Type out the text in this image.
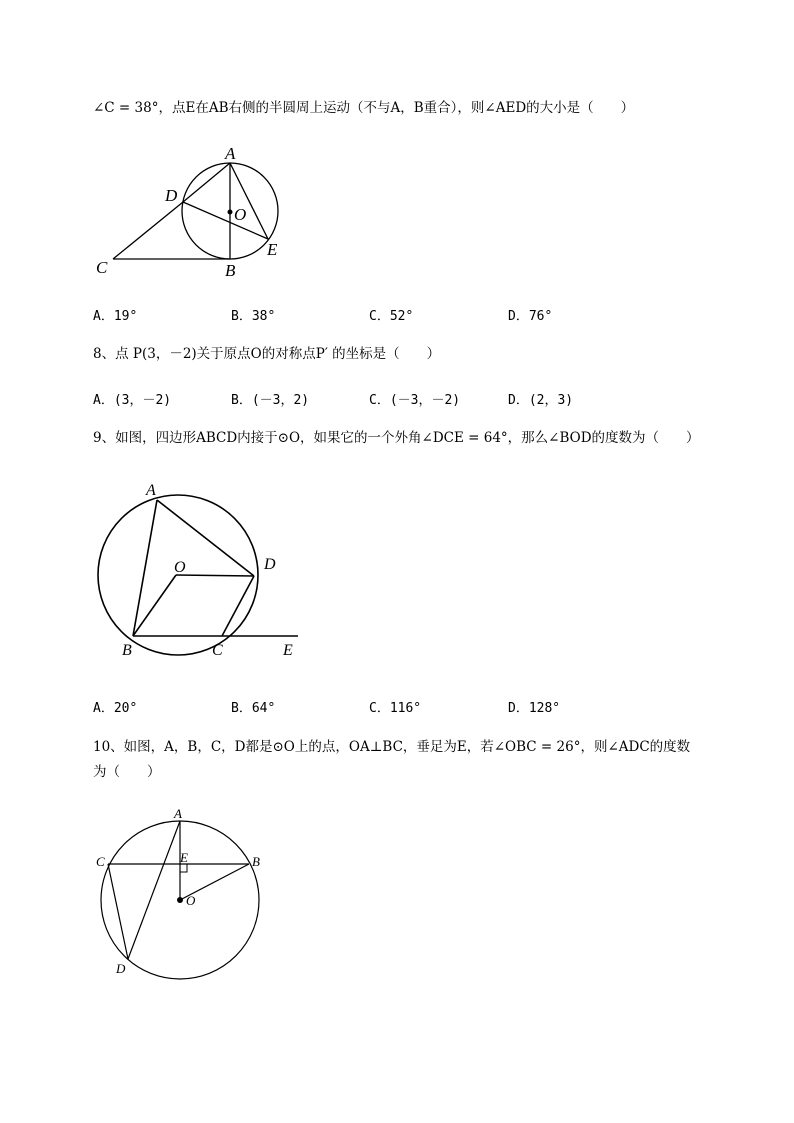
∠C = 38°，点E在AB右侧的半圆周上运动（不与A，B重合），则∠AED的大小是（　　）
A
D
O
E
C	B
A．19°	B．38°	C．52°	D．76°
8、点 P(3，－2)关于原点O的对称点P′ 的坐标是（　　）
A．(3，－2)	B．(－3，2)	C．(－3，－2)	D．(2，3)
9、如图，四边形ABCD内接于⊙O，如果它的一个外角∠DCE = 64°，那么∠BOD的度数为（　　）
A
O	D
B	C	E
A．20°	B．64°	C．116°	D．128°
10、如图，A，B，C，D都是⊙O上的点，OA⊥BC，垂足为E，若∠OBC = 26°，则∠ADC的度数
为（　　）
A
C	E	B
O
D
